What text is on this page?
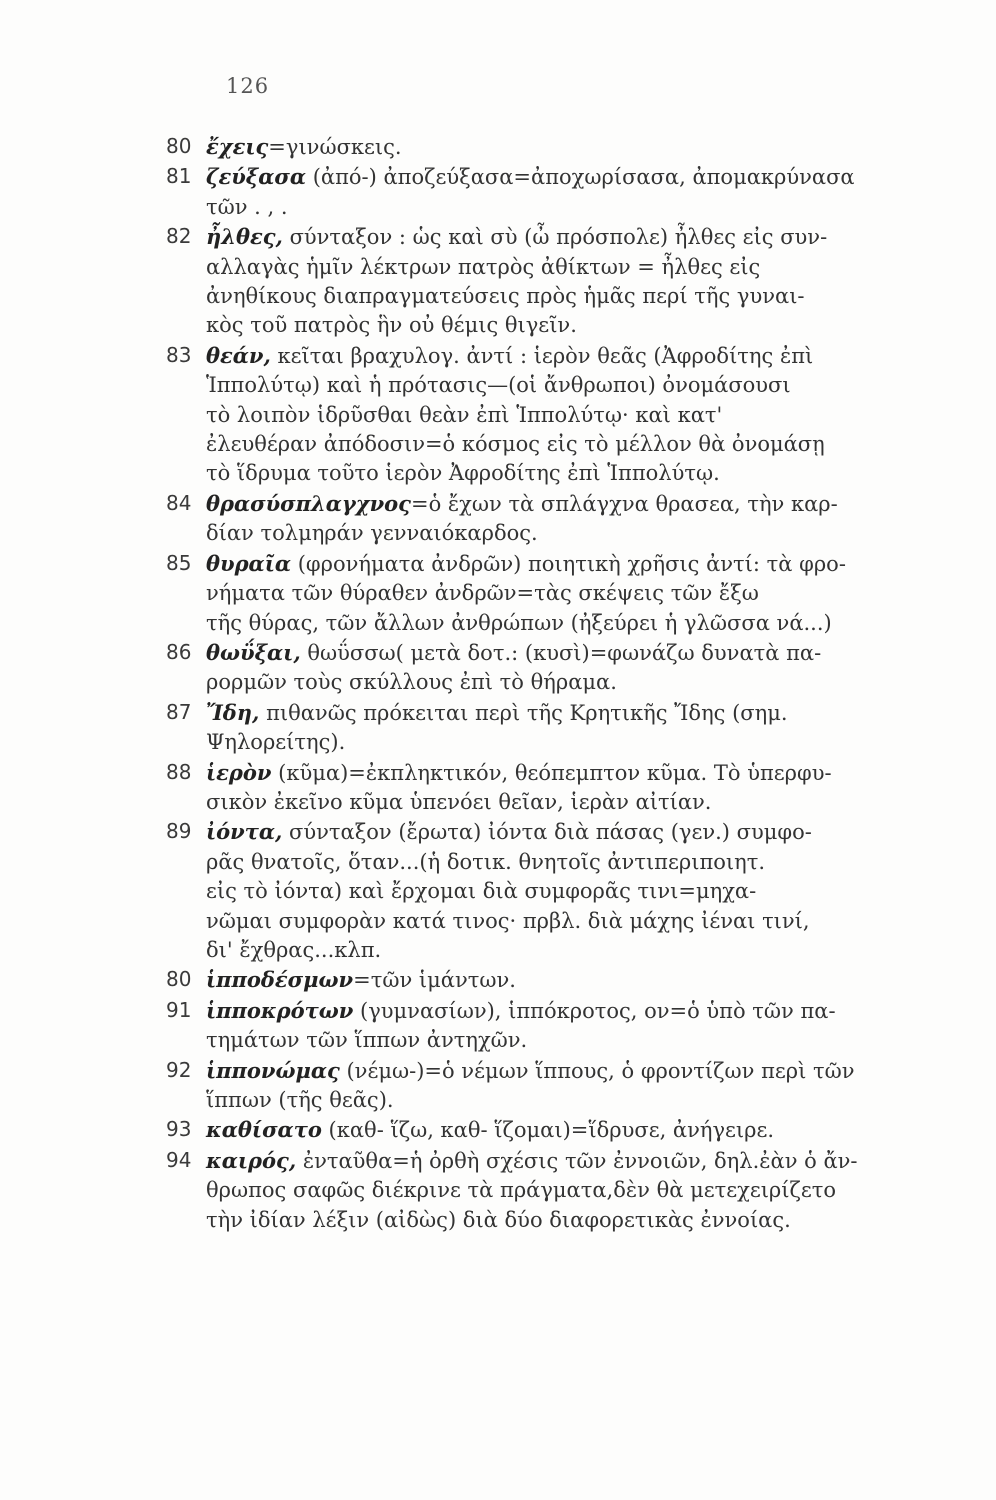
126
80 ἔχεις=γινώσκεις.
81 ζεύξασα (ἀπό-) ἀποζεύξασα=ἀποχωρίσασα, ἀπομακρύνασα
τῶν . , .
82 ἦλθες, σύνταξον : ὡς καὶ σὺ (ὦ πρόσπολε) ἦλθες εἰς συν-
αλλαγὰς ἡμῖν λέκτρων πατρὸς ἀθίκτων = ἦλθες εἰς
ἀνηθίκους διαπραγματεύσεις πρὸς ἡμᾶς περί τῆς γυναι-
κὸς τοῦ πατρὸς ἣν οὐ θέμις θιγεῖν.
83 θεάν, κεῖται βραχυλογ. ἀντί : ἱερὸν θεᾶς (Ἀφροδίτης ἐπὶ
Ἱππολύτῳ) καὶ ἡ πρότασις—(οἱ ἄνθρωποι) ὀνομάσουσι
τὸ λοιπὸν ἱδρῦσθαι θεὰν ἐπὶ Ἱππολύτῳ· καὶ κατ'
ἐλευθέραν ἀπόδοσιν=ὁ κόσμος εἰς τὸ μέλλον θὰ ὀνομάσῃ
τὸ ἵδρυμα τοῦτο ἱερὸν Ἀφροδίτης ἐπὶ Ἱππολύτῳ.
84 θρασύσπλαγχνος=ὁ ἔχων τὰ σπλάγχνα θρασεα, τὴν καρ-
δίαν τολμηράν γενναιόκαρδος.
85 θυραῖα (φρονήματα ἀνδρῶν) ποιητικὴ χρῆσις ἀντί: τὰ φρο-
νήματα τῶν θύραθεν ἀνδρῶν=τὰς σκέψεις τῶν ἔξω
τῆς θύρας, τῶν ἄλλων ἀνθρώπων (ἠξεύρει ἡ γλῶσσα νά...)
86 θωΰξαι, θωΰσσω( μετὰ δοτ.: (κυσὶ)=φωνάζω δυνατὰ πα-
ρορμῶν τοὺς σκύλλους ἐπὶ τὸ θήραμα.
87 Ἴδη, πιθανῶς πρόκειται περὶ τῆς Κρητικῆς Ἴδης (σημ.
Ψηλορείτης).
88 ἱερὸν (κῦμα)=ἐκπληκτικόν, θεόπεμπτον κῦμα. Τὸ ὑπερφυ-
σικὸν ἐκεῖνο κῦμα ὑπενόει θεῖαν, ἱερὰν αἰτίαν.
89 ἰόντα, σύνταξον (ἔρωτα) ἰόντα διὰ πάσας (γεν.) συμφο-
ρᾶς θνατοῖς, ὅταν...(ἡ δοτικ. θνητοῖς ἀντιπεριποιητ.
εἰς τὸ ἰόντα) καὶ ἔρχομαι διὰ συμφορᾶς τινι=μηχα-
νῶμαι συμφορὰν κατά τινος· πρβλ. διὰ μάχης ἰέναι τινί,
δι' ἔχθρας...κλπ.
80 ἱπποδέσμων=τῶν ἱμάντων.
91 ἱπποκρότων (γυμνασίων), ἱππόκροτος, ον=ὁ ὑπὸ τῶν πα-
τημάτων τῶν ἵππων ἀντηχῶν.
92 ἱππονώμας (νέμω-)=ὁ νέμων ἵππους, ὁ φροντίζων περὶ τῶν
ἵππων (τῆς θεᾶς).
93 καθίσατο (καθ- ἵζω, καθ- ἵζομαι)=ἵδρυσε, ἀνήγειρε.
94 καιρός, ἐνταῦθα=ἡ ὀρθὴ σχέσις τῶν ἐννοιῶν, δηλ.ἐὰν ὁ ἄν-
θρωπος σαφῶς διέκρινε τὰ πράγματα,δὲν θὰ μετεχειρίζετο
τὴν ἰδίαν λέξιν (αἰδὼς) διὰ δύο διαφορετικὰς ἐννοίας.
